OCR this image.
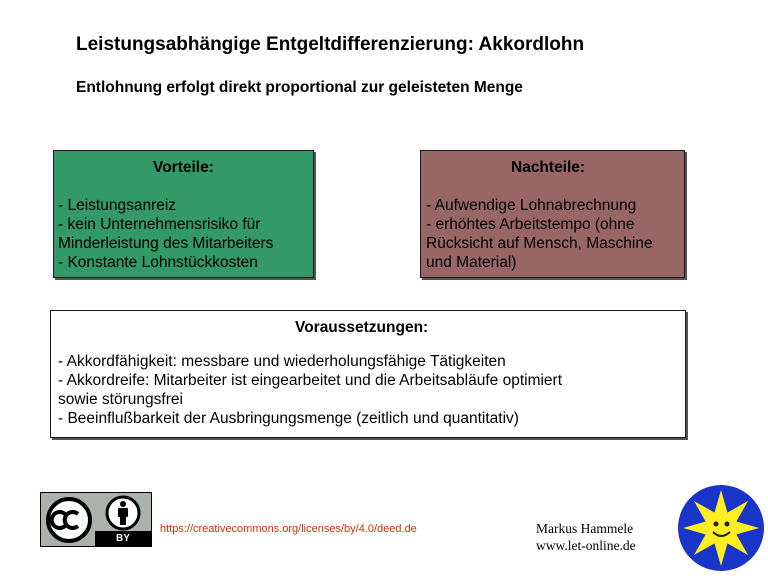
Leistungsabhängige Entgeltdifferenzierung: Akkordlohn
Entlohnung erfolgt direkt proportional zur geleisteten Menge
Vorteile:
- Leistungsanreiz
- kein Unternehmensrisiko für
Minderleistung des Mitarbeiters
- Konstante Lohnstückkosten
Nachteile:
- Aufwendige Lohnabrechnung
- erhöhtes Arbeitstempo (ohne
Rücksicht auf Mensch, Maschine
und Material)
Voraussetzungen:
- Akkordfähigkeit: messbare und wiederholungsfähige Tätigkeiten
- Akkordreife: Mitarbeiter ist eingearbeitet und die Arbeitsabläufe optimiert
sowie störungsfrei
- Beeinflußbarkeit der Ausbringungsmenge (zeitlich und quantitativ)
BY
https://creativecommons.org/licenses/by/4.0/deed.de	Markus Hammele
www.let-online.de
